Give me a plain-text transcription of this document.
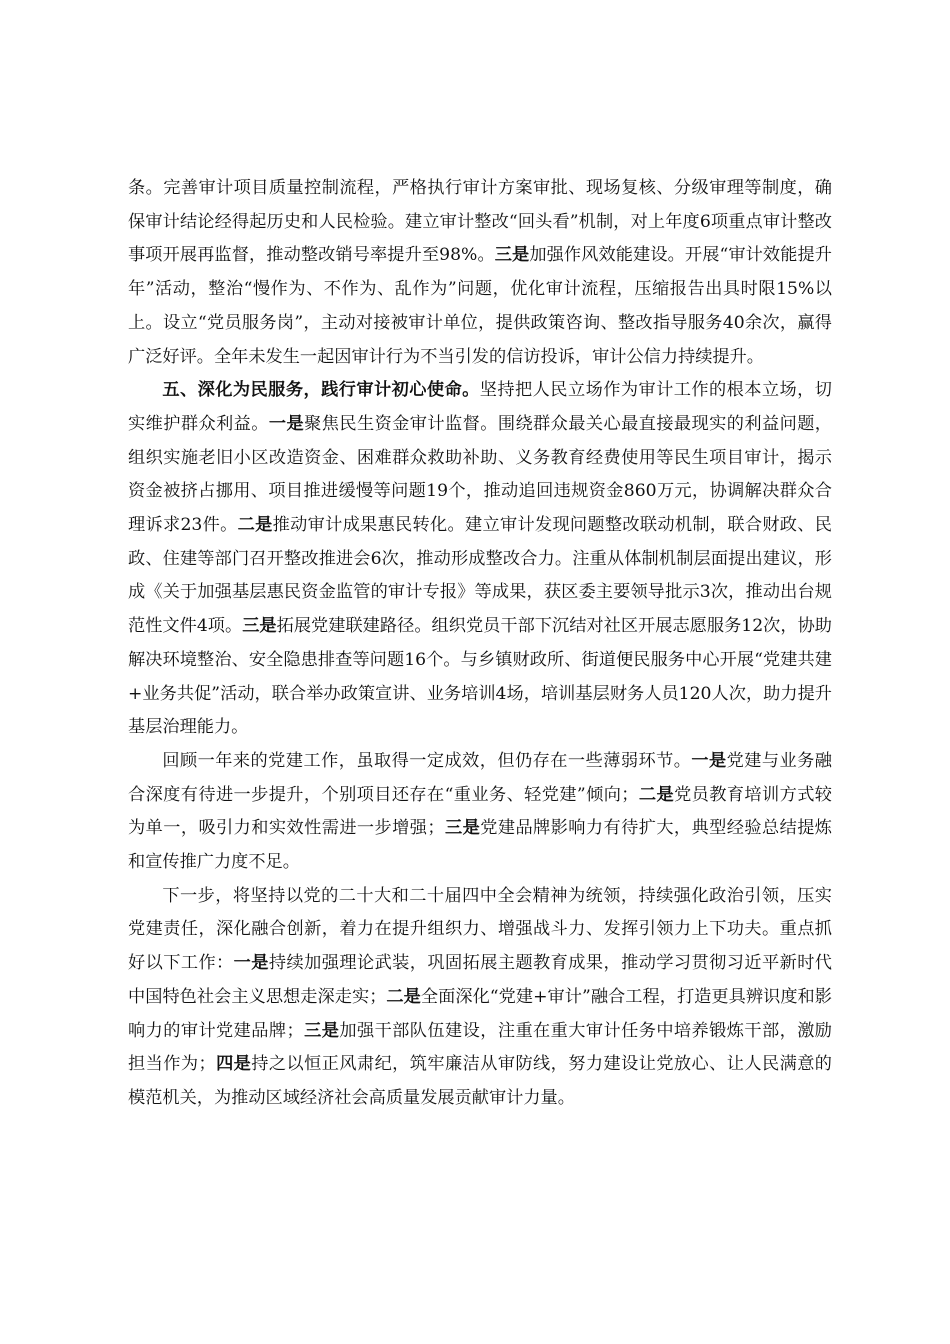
条。完善审计项目质量控制流程，严格执行审计方案审批、现场复核、分级审理等制度，确保审计结论经得起历史和人民检验。建立审计整改“回头看”机制，对上年度6项重点审计整改事项开展再监督，推动整改销号率提升至98%。三是加强作风效能建设。开展“审计效能提升年”活动，整治“慢作为、不作为、乱作为”问题，优化审计流程，压缩报告出具时限15%以上。设立“党员服务岗”，主动对接被审计单位，提供政策咨询、整改指导服务40余次，赢得广泛好评。全年未发生一起因审计行为不当引发的信访投诉，审计公信力持续提升。

五、深化为民服务，践行审计初心使命。坚持把人民立场作为审计工作的根本立场，切实维护群众利益。一是聚焦民生资金审计监督。围绕群众最关心最直接最现实的利益问题，组织实施老旧小区改造资金、困难群众救助补助、义务教育经费使用等民生项目审计，揭示资金被挤占挪用、项目推进缓慢等问题19个，推动追回违规资金860万元，协调解决群众合理诉求23件。二是推动审计成果惠民转化。建立审计发现问题整改联动机制，联合财政、民政、住建等部门召开整改推进会6次，推动形成整改合力。注重从体制机制层面提出建议，形成《关于加强基层惠民资金监管的审计专报》等成果，获区委主要领导批示3次，推动出台规范性文件4项。三是拓展党建联建路径。组织党员干部下沉结对社区开展志愿服务12次，协助解决环境整治、安全隐患排查等问题16个。与乡镇财政所、街道便民服务中心开展“党建共建+业务共促”活动，联合举办政策宣讲、业务培训4场，培训基层财务人员120人次，助力提升基层治理能力。

回顾一年来的党建工作，虽取得一定成效，但仍存在一些薄弱环节。一是党建与业务融合深度有待进一步提升，个别项目还存在“重业务、轻党建”倾向；二是党员教育培训方式较为单一，吸引力和实效性需进一步增强；三是党建品牌影响力有待扩大，典型经验总结提炼和宣传推广力度不足。

下一步，将坚持以党的二十大和二十届四中全会精神为统领，持续强化政治引领，压实党建责任，深化融合创新，着力在提升组织力、增强战斗力、发挥引领力上下功夫。重点抓好以下工作：一是持续加强理论武装，巩固拓展主题教育成果，推动学习贯彻习近平新时代中国特色社会主义思想走深走实；二是全面深化“党建+审计”融合工程，打造更具辨识度和影响力的审计党建品牌；三是加强干部队伍建设，注重在重大审计任务中培养锻炼干部，激励担当作为；四是持之以恒正风肃纪，筑牢廉洁从审防线，努力建设让党放心、让人民满意的模范机关，为推动区域经济社会高质量发展贡献审计力量。
